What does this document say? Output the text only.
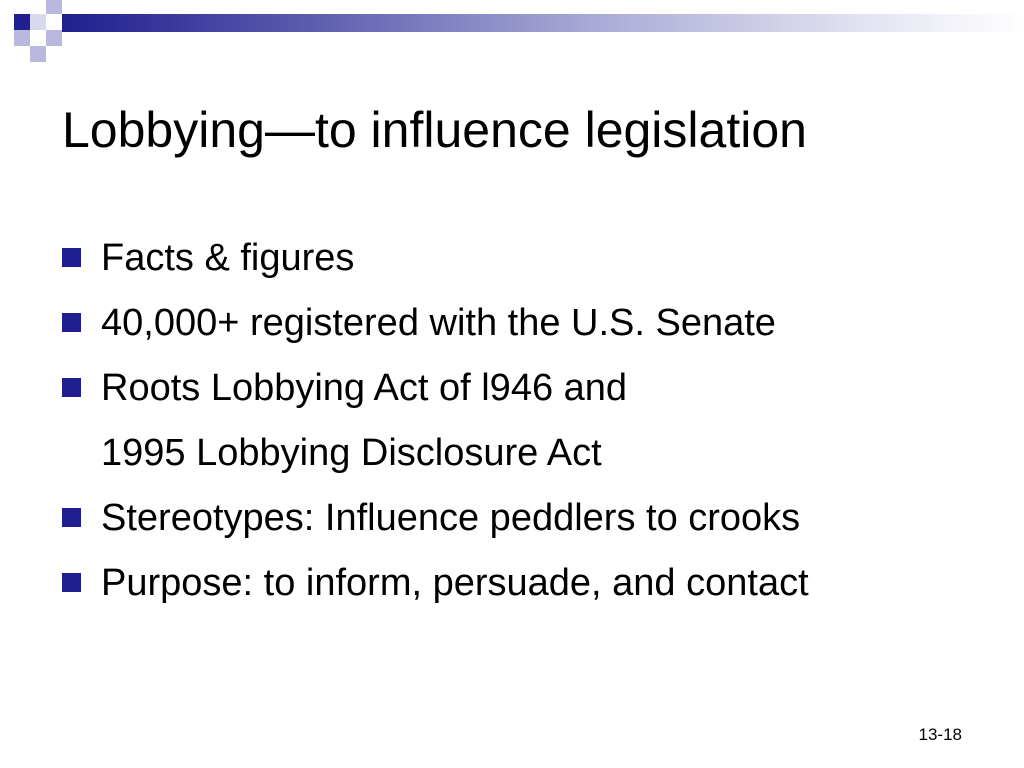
Lobbying—to influence legislation
Facts & figures
40,000+ registered with the U.S. Senate
Roots Lobbying Act of l946 and
1995 Lobbying Disclosure Act
Stereotypes: Influence peddlers to crooks
Purpose: to inform, persuade, and contact
13-18
